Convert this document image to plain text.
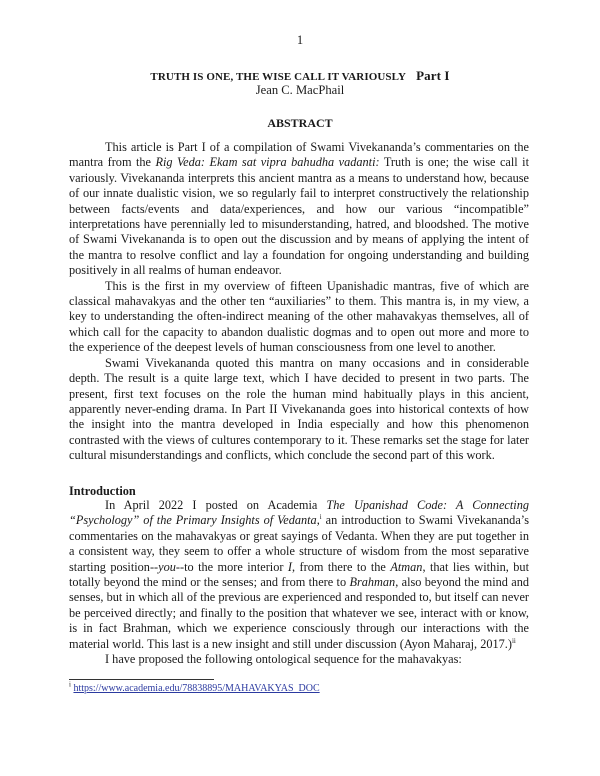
1
TRUTH IS ONE, THE WISE CALL IT VARIOUSLY Part I
Jean C. MacPhail
ABSTRACT

This article is Part I of a compilation of Swami Vivekananda’s commentaries on the mantra from the Rig Veda: Ekam sat vipra bahudha vadanti: Truth is one; the wise call it variously. Vivekananda interprets this ancient mantra as a means to understand how, because of our innate dualistic vision, we so regularly fail to interpret constructively the relationship between facts/events and data/experiences, and how our various “incompatible” interpretations have perennially led to misunderstanding, hatred, and bloodshed. The motive of Swami Vivekananda is to open out the discussion and by means of applying the intent of the mantra to resolve conflict and lay a foundation for ongoing understanding and building positively in all realms of human endeavor.

This is the first in my overview of fifteen Upanishadic mantras, five of which are classical mahavakyas and the other ten “auxiliaries” to them. This mantra is, in my view, a key to understanding the often-indirect meaning of the other mahavakyas themselves, all of which call for the capacity to abandon dualistic dogmas and to open out more and more to the experience of the deepest levels of human consciousness from one level to another.

Swami Vivekananda quoted this mantra on many occasions and in considerable depth. The result is a quite large text, which I have decided to present in two parts. The present, first text focuses on the role the human mind habitually plays in this ancient, apparently never-ending drama. In Part II Vivekananda goes into historical contexts of how the insight into the mantra developed in India especially and how this phenomenon contrasted with the views of cultures contemporary to it. These remarks set the stage for later cultural misunderstandings and conflicts, which conclude the second part of this work.

Introduction

In April 2022 I posted on Academia The Upanishad Code: A Connecting “Psychology” of the Primary Insights of Vedanta,$^i$ an introduction to Swami Vivekananda’s commentaries on the mahavakyas or great sayings of Vedanta. When they are put together in a consistent way, they seem to offer a whole structure of wisdom from the most separative starting position--you--to the more interior I, from there to the Atman, that lies within, but totally beyond the mind or the senses; and from there to Brahman, also beyond the mind and senses, but in which all of the previous are experienced and responded to, but itself can never be perceived directly; and finally to the position that whatever we see, interact with or know, is in fact Brahman, which we experience consciously through our interactions with the material world. This last is a new insight and still under discussion (Ayon Maharaj, 2017.)$^{ii}$

I have proposed the following ontological sequence for the mahavakyas:

$^i$ https://www.academia.edu/78838895/MAHAVAKYAS_DOC
